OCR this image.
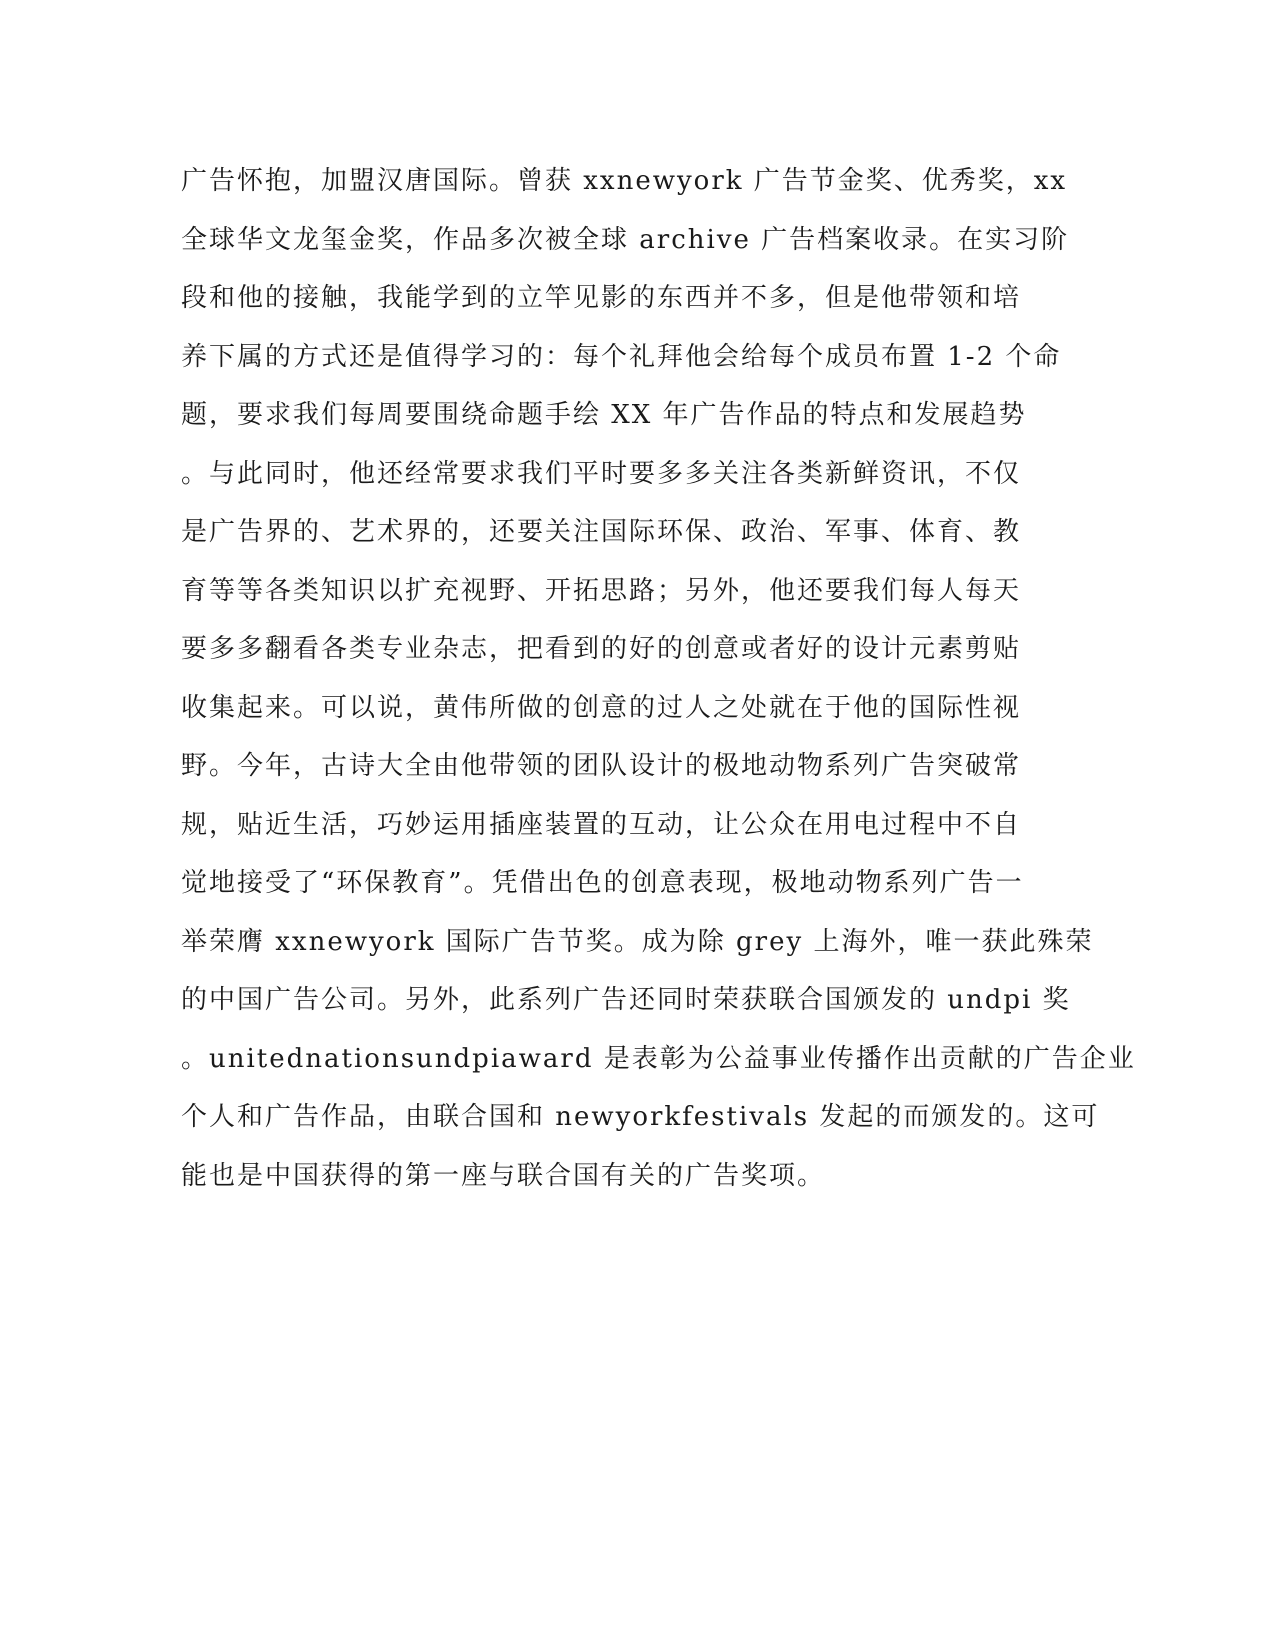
广告怀抱，加盟汉唐国际。曾获 xxnewyork 广告节金奖、优秀奖，xx
全球华文龙玺金奖，作品多次被全球 archive 广告档案收录。在实习阶
段和他的接触，我能学到的立竿见影的东西并不多，但是他带领和培
养下属的方式还是值得学习的：每个礼拜他会给每个成员布置 1-2 个命
题，要求我们每周要围绕命题手绘 XX 年广告作品的特点和发展趋势
。与此同时，他还经常要求我们平时要多多关注各类新鲜资讯，不仅
是广告界的、艺术界的，还要关注国际环保、政治、军事、体育、教
育等等各类知识以扩充视野、开拓思路；另外，他还要我们每人每天
要多多翻看各类专业杂志，把看到的好的创意或者好的设计元素剪贴
收集起来。可以说，黄伟所做的创意的过人之处就在于他的国际性视
野。今年，古诗大全由他带领的团队设计的极地动物系列广告突破常
规，贴近生活，巧妙运用插座装置的互动，让公众在用电过程中不自
觉地接受了“环保教育”。凭借出色的创意表现，极地动物系列广告一
举荣膺 xxnewyork 国际广告节奖。成为除 grey 上海外，唯一获此殊荣
的中国广告公司。另外，此系列广告还同时荣获联合国颁发的 undpi 奖
。unitednationsundpiaward 是表彰为公益事业传播作出贡献的广告企业
个人和广告作品，由联合国和 newyorkfestivals 发起的而颁发的。这可
能也是中国获得的第一座与联合国有关的广告奖项。
